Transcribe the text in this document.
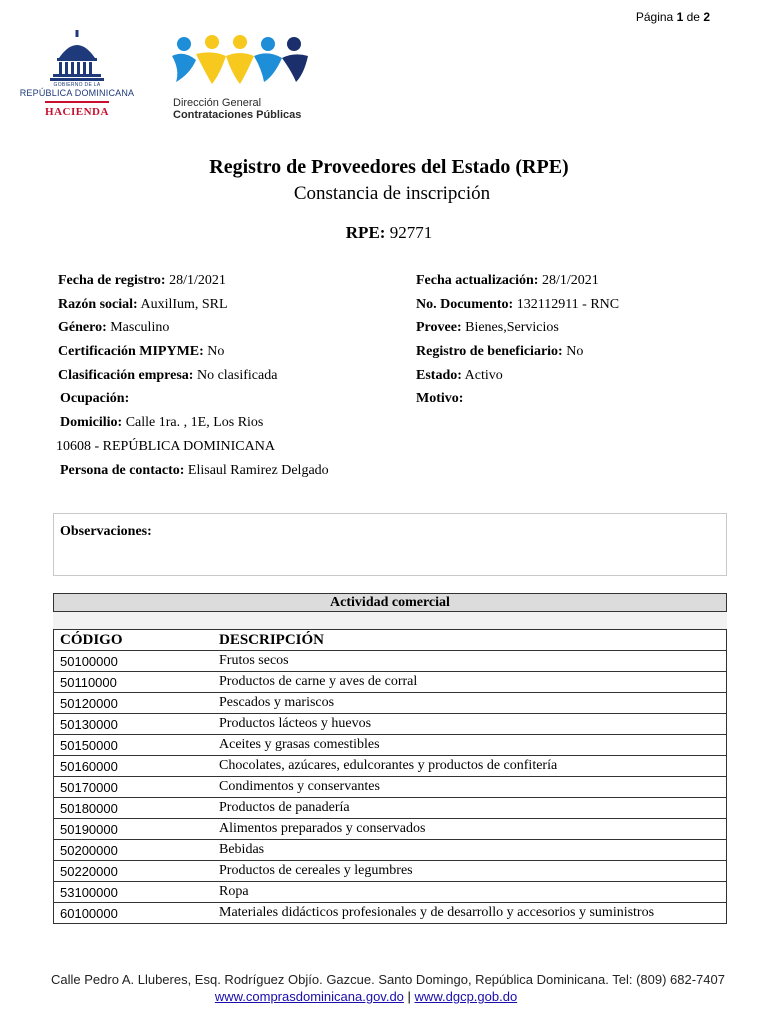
Página 1 de 2
GOBIERNO DE LA
REPÚBLICA DOMINICANA
HACIENDA
Dirección General
Contrataciones Públicas
Registro de Proveedores del Estado (RPE)
Constancia de inscripción
RPE: 92771
Fecha de registro: 28/1/2021
Razón social: AuxilIum, SRL
Género: Masculino
Certificación MIPYME: No
Clasificación empresa: No clasificada
Ocupación:
Domicilio: Calle 1ra. , 1E, Los Rios
10608 - REPÚBLICA DOMINICANA
Persona de contacto: Elisaul Ramirez Delgado
Fecha actualización: 28/1/2021
No. Documento: 132112911 - RNC
Provee: Bienes,Servicios
Registro de beneficiario: No
Estado: Activo
Motivo:
Observaciones:
Actividad comercial
CÓDIGO	DESCRIPCIÓN
50100000	Frutos secos
50110000	Productos de carne y aves de corral
50120000	Pescados y mariscos
50130000	Productos lácteos y huevos
50150000	Aceites y grasas comestibles
50160000	Chocolates, azúcares, edulcorantes y productos de confitería
50170000	Condimentos y conservantes
50180000	Productos de panadería
50190000	Alimentos preparados y conservados
50200000	Bebidas
50220000	Productos de cereales y legumbres
53100000	Ropa
60100000	Materiales didácticos profesionales y de desarrollo y accesorios y suministros
Calle Pedro A. Lluberes, Esq. Rodríguez Objío. Gazcue. Santo Domingo, República Dominicana. Tel: (809) 682-7407
www.comprasdominicana.gov.do | www.dgcp.gob.do
